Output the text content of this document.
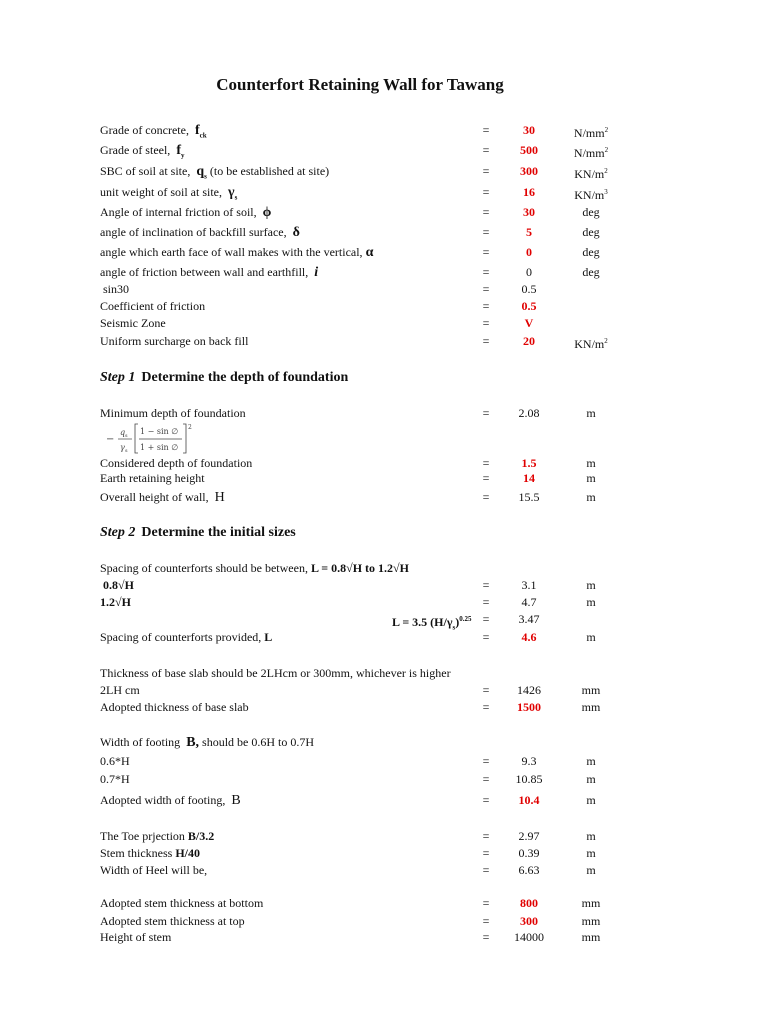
Counterfort Retaining Wall for Tawang
Grade of concrete, $f_{ck}$	=	30	$N/mm^2$
Grade of steel, $f_y$	=	500	$N/mm^2$
SBC of soil at site, $q_s$ (to be established at site)	=	300	$KN/m^2$
unit weight of soil at site, $\gamma_s$	=	16	$KN/m^3$
Angle of internal friction of soil, ϕ	=	30	deg
angle of inclination of backfill surface, δ	=	5	deg
angle which earth face of wall makes with the vertical, α	=	0	deg
angle of friction between wall and earthfill, i	=	0	deg
sin30	=	0.5
Coefficient of friction	=	0.5
Seismic Zone	=	V
Uniform surcharge on back fill	=	20	$KN/m^2$
Step 1 Determine the depth of foundation
Minimum depth of foundation	=	2.08	m
−
q s
γ s
1 − sin ∅
1 + sin ∅
2
Considered depth of foundation	=	1.5	m
Earth retaining height	=	14	m
Overall height of wall, H	=	15.5	m
Step 2 Determine the initial sizes
Spacing of counterforts should be between, L = 0.8√H to 1.2√H
0.8√H	=	3.1	m
1.2√H	=	4.7	m
L = 3.5 $(H/\gamma_s)^{0.25}$ =	3.47
Spacing of counterforts provided, L	=	4.6	m
Thickness of base slab should be 2LHcm or 300mm, whichever is higher
2LH cm	=	1426	mm
Adopted thickness of base slab	=	1500	mm
Width of footing B, should be 0.6H to 0.7H
0.6*H	=	9.3	m
0.7*H	=	10.85	m
Adopted width of footing, B	=	10.4	m
The Toe prjection B/3.2	=	2.97	m
Stem thickness H/40	=	0.39	m
Width of Heel will be,	=	6.63	m
Adopted stem thickness at bottom	=	800	mm
Adopted stem thickness at top	=	300	mm
Height of stem	=	14000	mm
